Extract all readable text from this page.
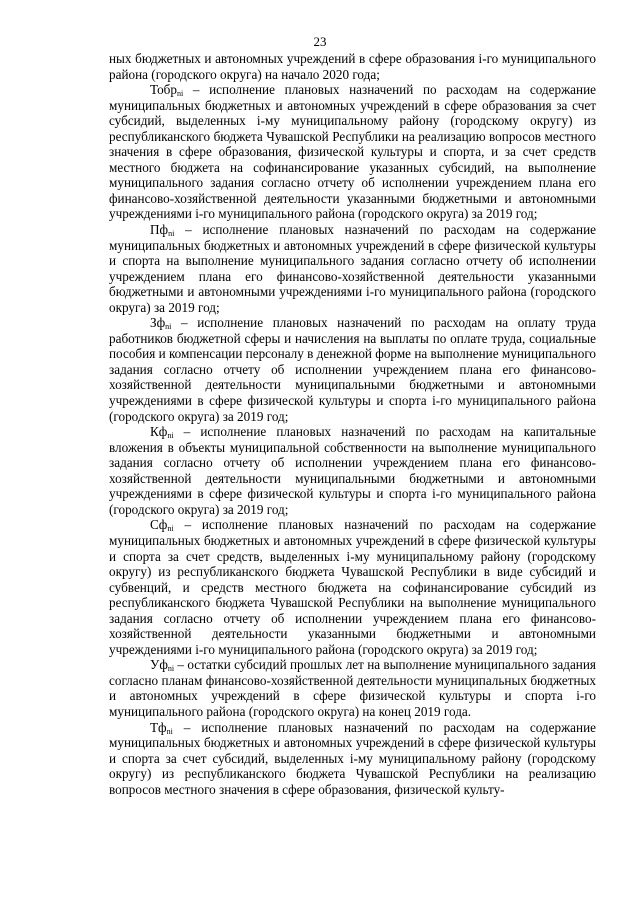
23

ных бюджетных и автономных учреждений в сфере образования i-го муниципального района (городского округа) на начало 2020 года;

Тобр$_{ni}$ – исполнение плановых назначений по расходам на содержание муниципальных бюджетных и автономных учреждений в сфере образования за счет субсидий, выделенных i-му муниципальному району (городскому округу) из республиканского бюджета Чувашской Республики на реализацию вопросов местного значения в сфере образования, физической культуры и спорта, и за счет средств местного бюджета на софинансирование указанных субсидий, на выполнение муниципального задания согласно отчету об исполнении учреждением плана его финансово-хозяйственной деятельности указанными бюджетными и автономными учреждениями i-го муниципального района (городского округа) за 2019 год;

$Пф_{ni}$ – исполнение плановых назначений по расходам на содержание муниципальных бюджетных и автономных учреждений в сфере физической культуры и спорта на выполнение муниципального задания согласно отчету об исполнении учреждением плана его финансово-хозяйственной деятельности указанными бюджетными и автономными учреждениями i-го муниципального района (городского округа) за 2019 год;

$Зф_{ni}$ – исполнение плановых назначений по расходам на оплату труда работников бюджетной сферы и начисления на выплаты по оплате труда, социальные пособия и компенсации персоналу в денежной форме на выполнение муниципального задания согласно отчету об исполнении учреждением плана его финансово-хозяйственной деятельности муниципальными бюджетными и автономными учреждениями в сфере физической культуры и спорта i-го муниципального района (городского округа) за 2019 год;

$Кф_{ni}$ – исполнение плановых назначений по расходам на капитальные вложения в объекты муниципальной собственности на выполнение муниципального задания согласно отчету об исполнении учреждением плана его финансово-хозяйственной деятельности муниципальными бюджетными и автономными учреждениями в сфере физической культуры и спорта i-го муниципального района (городского округа) за 2019 год;

$Сф_{ni}$ – исполнение плановых назначений по расходам на содержание муниципальных бюджетных и автономных учреждений в сфере физической культуры и спорта за счет средств, выделенных i-му муниципальному району (городскому округу) из республиканского бюджета Чувашской Республики в виде субсидий и субвенций, и средств местного бюджета на софинансирование субсидий из республиканского бюджета Чувашской Республики на выполнение муниципального задания согласно отчету об исполнении учреждением плана его финансово-хозяйственной деятельности указанными бюджетными и автономными учреждениями i-го муниципального района (городского округа) за 2019 год;

$Уф_{ni}$ – остатки субсидий прошлых лет на выполнение муниципального задания согласно планам финансово-хозяйственной деятельности муниципальных бюджетных и автономных учреждений в сфере физической культуры и спорта i-го муниципального района (городского округа) на конец 2019 года.

$Тф_{ni}$ – исполнение плановых назначений по расходам на содержание муниципальных бюджетных и автономных учреждений в сфере физической культуры и спорта за счет субсидий, выделенных i-му муниципальному району (городскому округу) из республиканского бюджета Чувашской Республики на реализацию вопросов местного значения в сфере образования, физической культу-
